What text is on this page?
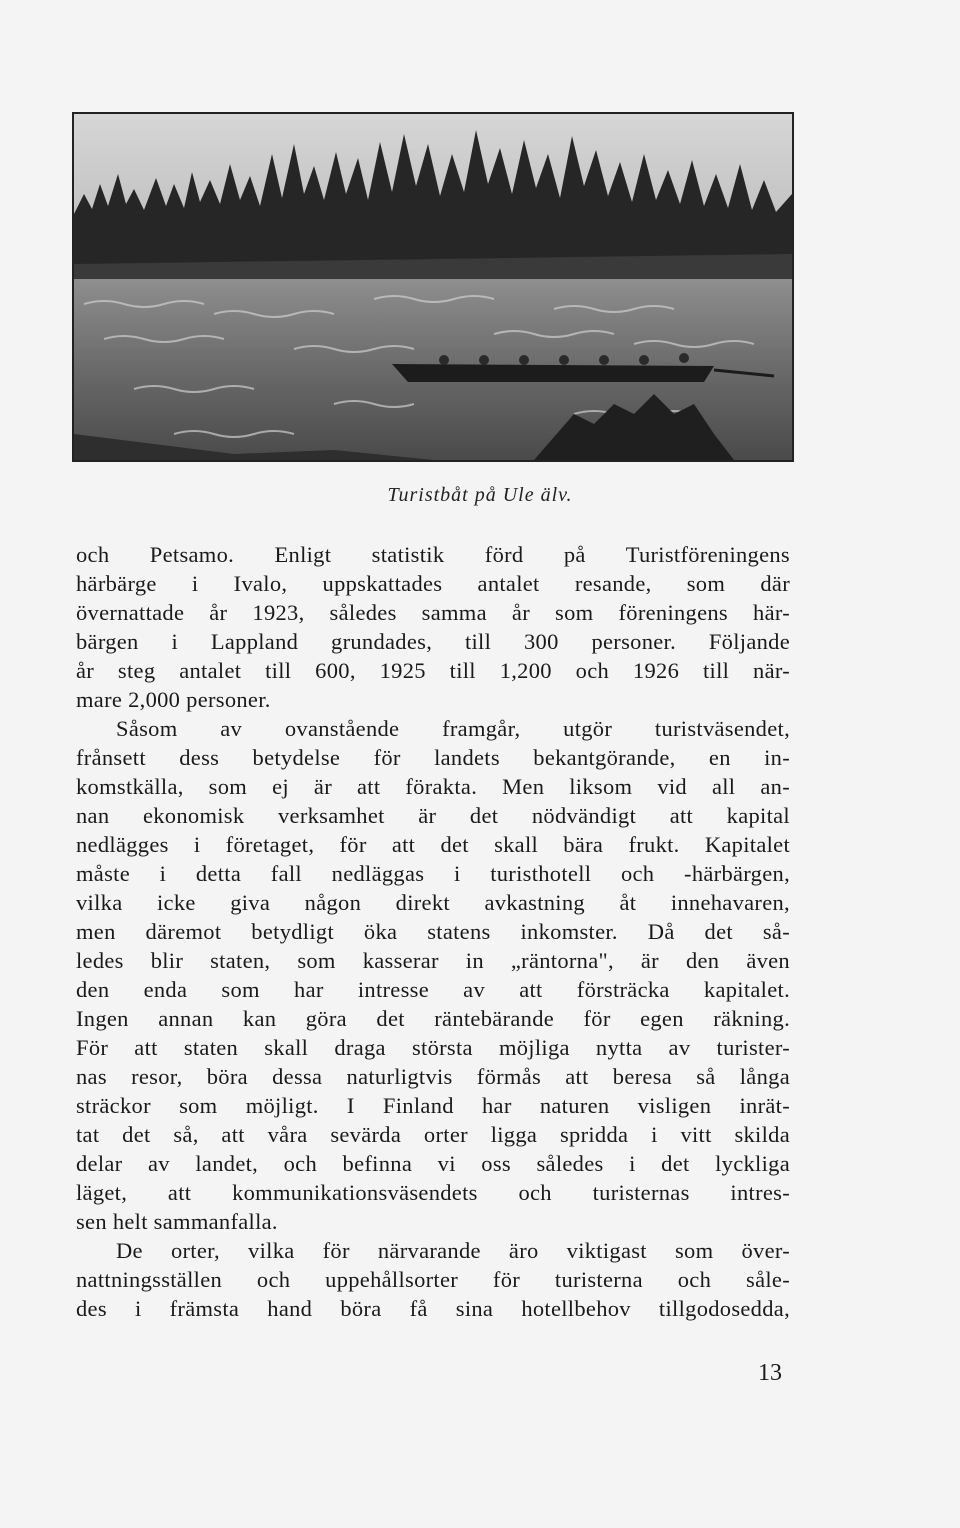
Turistbåt på Ule älv.
och Petsamo. Enligt statistik förd på Turistföreningens
härbärge i Ivalo, uppskattades antalet resande, som där
övernattade år 1923, således samma år som föreningens här-
bärgen i Lappland grundades, till 300 personer. Följande
år steg antalet till 600, 1925 till 1,200 och 1926 till när-
mare 2,000 personer.
Såsom av ovanstående framgår, utgör turistväsendet,
frånsett dess betydelse för landets bekantgörande, en in-
komstkälla, som ej är att förakta. Men liksom vid all an-
nan ekonomisk verksamhet är det nödvändigt att kapital
nedlägges i företaget, för att det skall bära frukt. Kapitalet
måste i detta fall nedläggas i turisthotell och -härbärgen,
vilka icke giva någon direkt avkastning åt innehavaren,
men däremot betydligt öka statens inkomster. Då det så-
ledes blir staten, som kasserar in „räntorna", är den även
den enda som har intresse av att försträcka kapitalet.
Ingen annan kan göra det räntebärande för egen räkning.
För att staten skall draga största möjliga nytta av turister-
nas resor, böra dessa naturligtvis förmås att beresa så långa
sträckor som möjligt. I Finland har naturen visligen inrät-
tat det så, att våra sevärda orter ligga spridda i vitt skilda
delar av landet, och befinna vi oss således i det lyckliga
läget, att kommunikationsväsendets och turisternas intres-
sen helt sammanfalla.
De orter, vilka för närvarande äro viktigast som över-
nattningsställen och uppehållsorter för turisterna och såle-
des i främsta hand böra få sina hotellbehov tillgodosedda,
13
